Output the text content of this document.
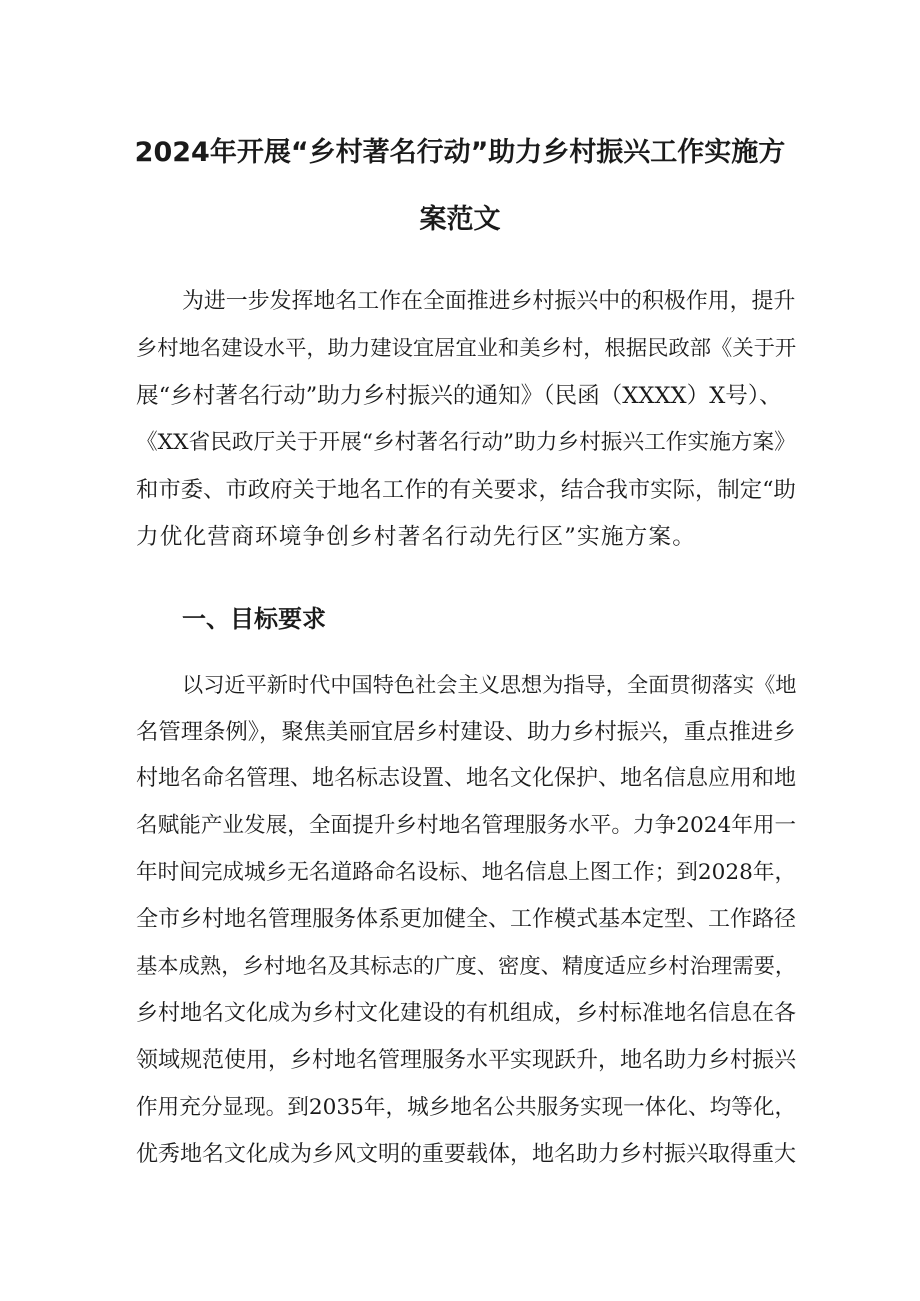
2024年开展“乡村著名行动”助力乡村振兴工作实施方
案范文
为进一步发挥地名工作在全面推进乡村振兴中的积极作用，提升
乡村地名建设水平，助力建设宜居宜业和美乡村，根据民政部《关于开
展“乡村著名行动”助力乡村振兴的通知》（民函（XXXX）X号）、
《XX省民政厅关于开展“乡村著名行动”助力乡村振兴工作实施方案》
和市委、市政府关于地名工作的有关要求，结合我市实际，制定“助
力优化营商环境争创乡村著名行动先行区”实施方案。
一、目标要求
以习近平新时代中国特色社会主义思想为指导，全面贯彻落实《地
名管理条例》，聚焦美丽宜居乡村建设、助力乡村振兴，重点推进乡
村地名命名管理、地名标志设置、地名文化保护、地名信息应用和地
名赋能产业发展，全面提升乡村地名管理服务水平。力争2024年用一
年时间完成城乡无名道路命名设标、地名信息上图工作；到2028年，
全市乡村地名管理服务体系更加健全、工作模式基本定型、工作路径
基本成熟，乡村地名及其标志的广度、密度、精度适应乡村治理需要，
乡村地名文化成为乡村文化建设的有机组成，乡村标准地名信息在各
领域规范使用，乡村地名管理服务水平实现跃升，地名助力乡村振兴
作用充分显现。到2035年，城乡地名公共服务实现一体化、均等化，
优秀地名文化成为乡风文明的重要载体，地名助力乡村振兴取得重大
